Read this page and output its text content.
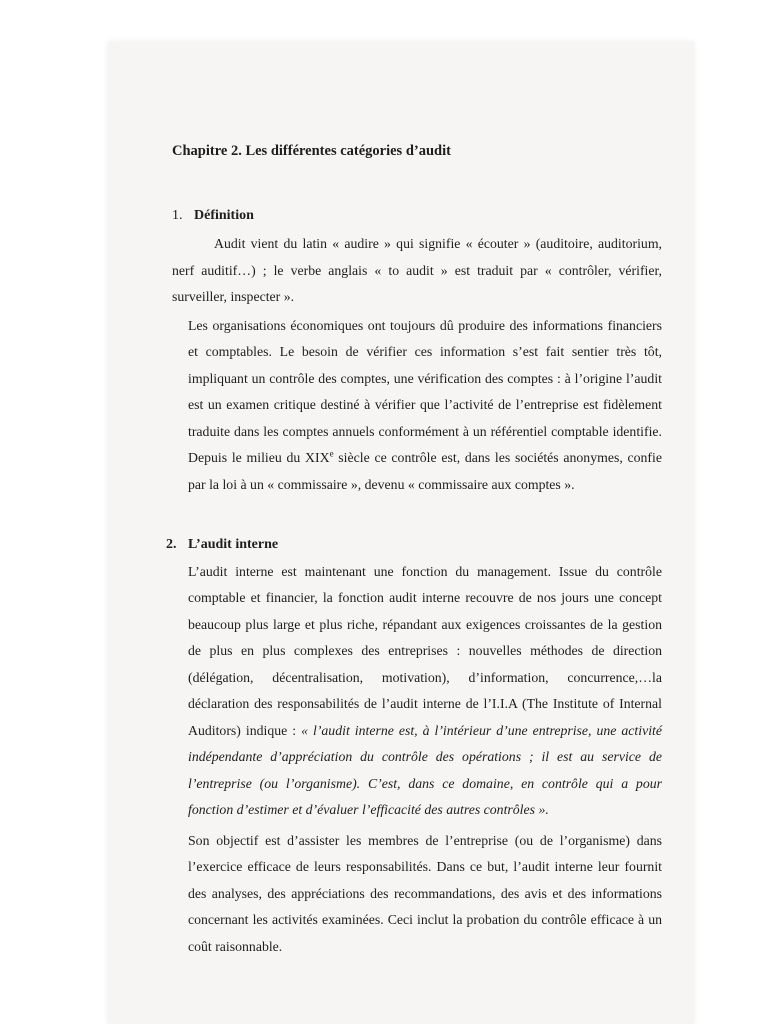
Chapitre 2. Les différentes catégories d’audit
1. Définition

Audit vient du latin « audire » qui signifie « écouter » (auditoire, auditorium, nerf auditif…) ; le verbe anglais « to audit » est traduit par « contrôler, vérifier, surveiller, inspecter ».

Les organisations économiques ont toujours dû produire des informations financiers et comptables. Le besoin de vérifier ces information s’est fait sentier très tôt, impliquant un contrôle des comptes, une vérification des comptes : à l’origine l’audit est un examen critique destiné à vérifier que l’activité de l’entreprise est fidèlement traduite dans les comptes annuels conformément à un référentiel comptable identifie. Depuis le milieu du XIXe siècle ce contrôle est, dans les sociétés anonymes, confie par la loi à un « commissaire », devenu « commissaire aux comptes ».

2. L’audit interne

L’audit interne est maintenant une fonction du management. Issue du contrôle comptable et financier, la fonction audit interne recouvre de nos jours une concept beaucoup plus large et plus riche, répandant aux exigences croissantes de la gestion de plus en plus complexes des entreprises : nouvelles méthodes de direction (délégation, décentralisation, motivation), d’information, concurrence,…la déclaration des responsabilités de l’audit interne de l’I.I.A (The Institute of Internal Auditors) indique : « l’audit interne est, à l’intérieur d’une entreprise, une activité indépendante d’appréciation du contrôle des opérations ; il est au service de l’entreprise (ou l’organisme). C’est, dans ce domaine, en contrôle qui a pour fonction d’estimer et d’évaluer l’efficacité des autres contrôles ».

Son objectif est d’assister les membres de l’entreprise (ou de l’organisme) dans l’exercice efficace de leurs responsabilités. Dans ce but, l’audit interne leur fournit des analyses, des appréciations des recommandations, des avis et des informations concernant les activités examinées. Ceci inclut la probation du contrôle efficace à un coût raisonnable.
